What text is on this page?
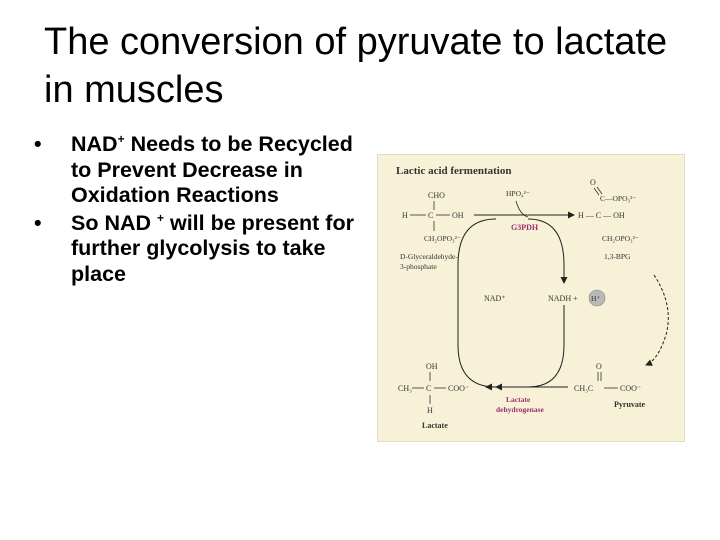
The conversion of pyruvate to lactate in muscles
• NAD+ Needs to be Recycled to Prevent Decrease in Oxidation Reactions
• So NAD + will be present for further glycolysis to take place
Lactic acid fermentation
CHO
H	C OH
CH₂OPO₃²⁻
D-Glyceraldehyde-
3-phosphate
HPO₄²⁻
G3PDH
O
C—OPO₃²⁻
H — C — OH
CH₂OPO₃²⁻
1,3-BPG
NAD⁺	NADH + H⁺
O
CH₃C	COO⁻
Pyruvate
Lactate
dehydrogenase
OH
CH₃ C COO⁻
H
Lactate
